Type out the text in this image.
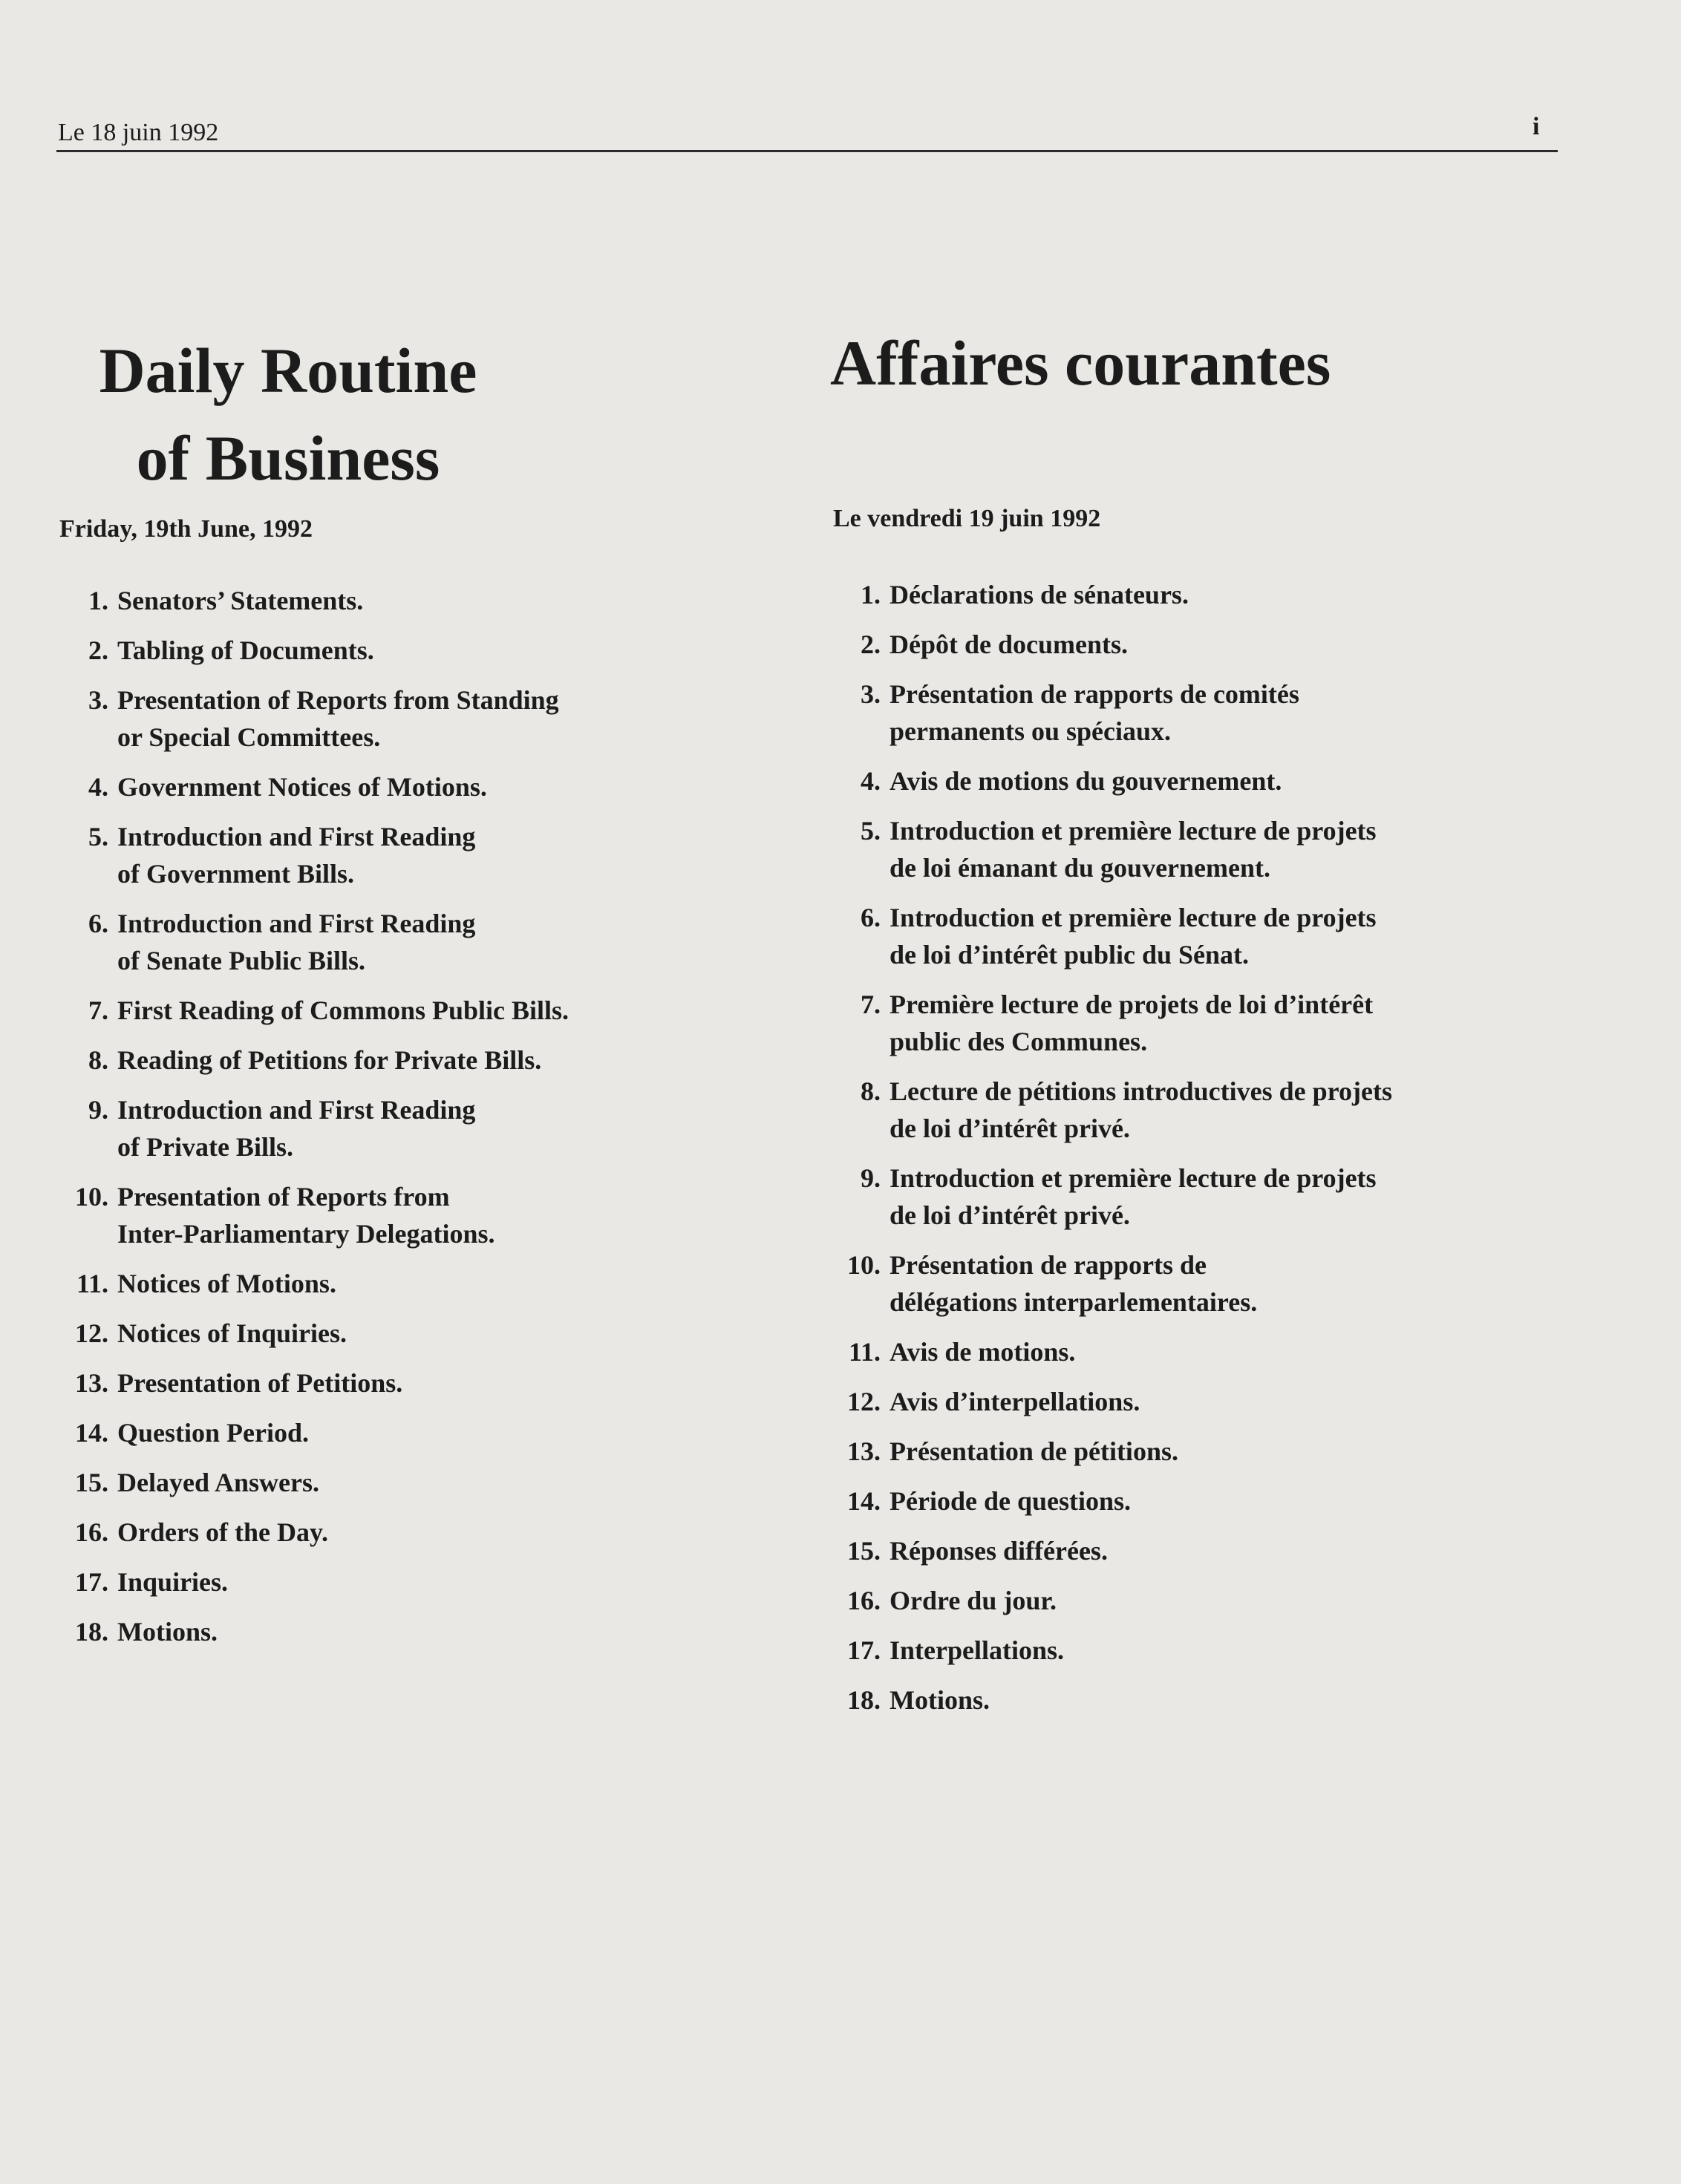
Le 18 juin 1992	i
Daily Routine
of Business
Friday, 19th June, 1992
1. Senators’ Statements.
2. Tabling of Documents.
3. Presentation of Reports from Standing
or Special Committees.
4. Government Notices of Motions.
5. Introduction and First Reading
of Government Bills.
6. Introduction and First Reading
of Senate Public Bills.
7. First Reading of Commons Public Bills.
8. Reading of Petitions for Private Bills.
9. Introduction and First Reading
of Private Bills.
10. Presentation of Reports from
Inter-Parliamentary Delegations.
11. Notices of Motions.
12. Notices of Inquiries.
13. Presentation of Petitions.
14. Question Period.
15. Delayed Answers.
16. Orders of the Day.
17. Inquiries.
18. Motions.
Affaires courantes
Le vendredi 19 juin 1992
1. Déclarations de sénateurs.
2. Dépôt de documents.
3. Présentation de rapports de comités
permanents ou spéciaux.
4. Avis de motions du gouvernement.
5. Introduction et première lecture de projets
de loi émanant du gouvernement.
6. Introduction et première lecture de projets
de loi d’intérêt public du Sénat.
7. Première lecture de projets de loi d’intérêt
public des Communes.
8. Lecture de pétitions introductives de projets
de loi d’intérêt privé.
9. Introduction et première lecture de projets
de loi d’intérêt privé.
10. Présentation de rapports de
délégations interparlementaires.
11. Avis de motions.
12. Avis d’interpellations.
13. Présentation de pétitions.
14. Période de questions.
15. Réponses différées.
16. Ordre du jour.
17. Interpellations.
18. Motions.
